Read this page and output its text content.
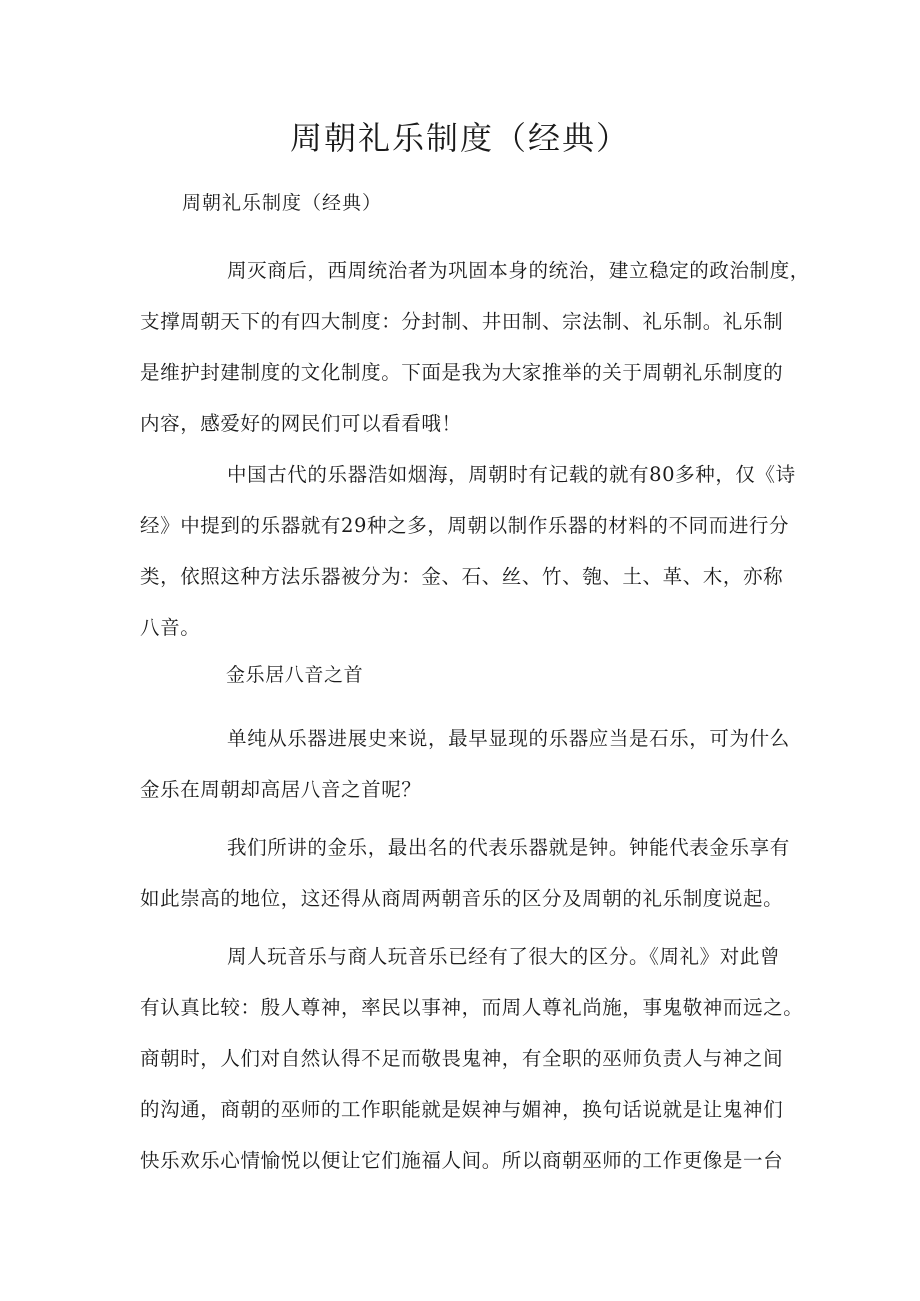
周朝礼乐制度（经典）

周朝礼乐制度（经典）

周灭商后，西周统治者为巩固本身的统治，建立稳定的政治制度，
支撑周朝天下的有四大制度：分封制、井田制、宗法制、礼乐制。礼乐制
是维护封建制度的文化制度。下面是我为大家推举的关于周朝礼乐制度的
内容，感爱好的网民们可以看看哦！

中国古代的乐器浩如烟海，周朝时有记载的就有80多种，仅《诗
经》中提到的乐器就有29种之多，周朝以制作乐器的材料的不同而进行分
类，依照这种方法乐器被分为：金、石、丝、竹、匏、土、革、木，亦称
八音。

金乐居八音之首

单纯从乐器进展史来说，最早显现的乐器应当是石乐，可为什么
金乐在周朝却高居八音之首呢？

我们所讲的金乐，最出名的代表乐器就是钟。钟能代表金乐享有
如此崇高的地位，这还得从商周两朝音乐的区分及周朝的礼乐制度说起。

周人玩音乐与商人玩音乐已经有了很大的区分。《周礼》对此曾
有认真比较：殷人尊神，率民以事神，而周人尊礼尚施，事鬼敬神而远之。
商朝时，人们对自然认得不足而敬畏鬼神，有全职的巫师负责人与神之间
的沟通，商朝的巫师的工作职能就是娱神与媚神，换句话说就是让鬼神们
快乐欢乐心情愉悦以便让它们施福人间。所以商朝巫师的工作更像是一台
